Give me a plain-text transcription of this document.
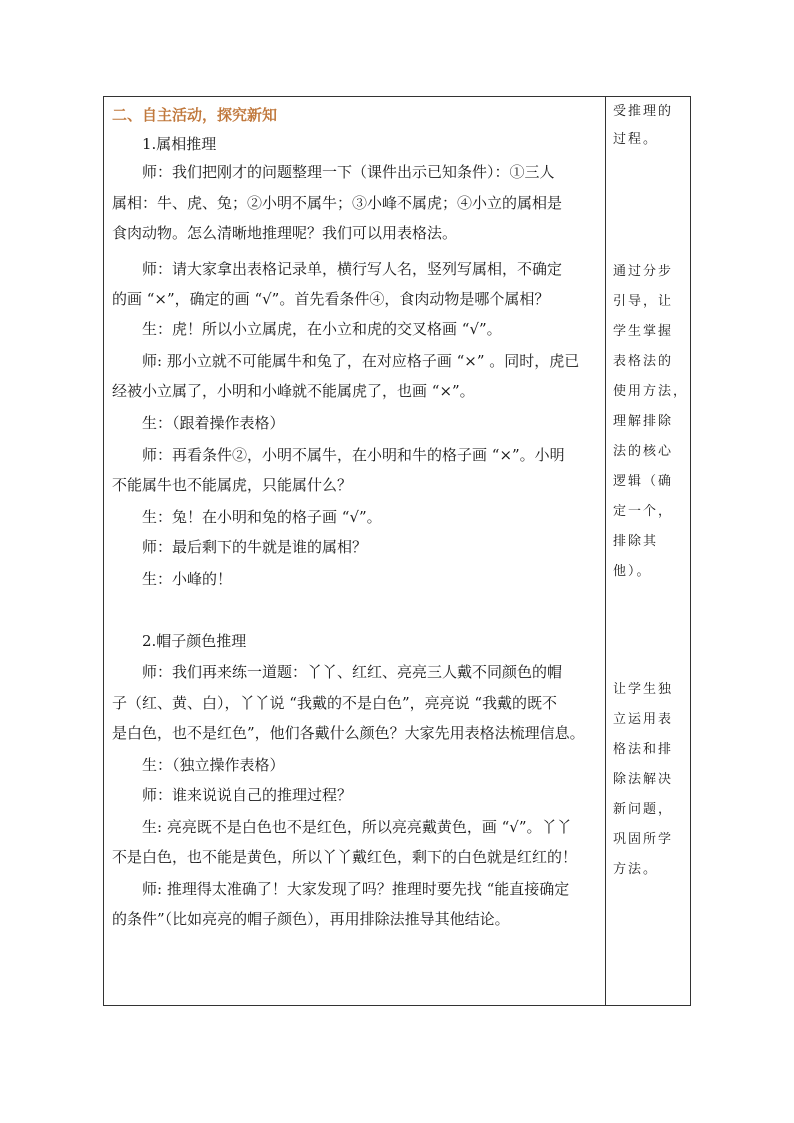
二、自主活动，探究新知
1.属相推理
师：我们把刚才的问题整理一下（课件出示已知条件）：①三人
属相：牛、虎、兔；②小明不属牛；③小峰不属虎；④小立的属相是
食肉动物。怎么清晰地推理呢？我们可以用表格法。
师：请大家拿出表格记录单，横行写人名，竖列写属相，不确定
的画 “×”，确定的画 “√”。首先看条件④，食肉动物是哪个属相？
生：虎！所以小立属虎，在小立和虎的交叉格画 “√”。
师: 那小立就不可能属牛和兔了，在对应格子画 “×” 。同时，虎已
经被小立属了，小明和小峰就不能属虎了，也画 “×”。
生：（跟着操作表格）
师：再看条件②，小明不属牛，在小明和牛的格子画 “×”。小明
不能属牛也不能属虎，只能属什么？
生：兔！在小明和兔的格子画 “√”。
师：最后剩下的牛就是谁的属相？
生：小峰的！
2.帽子颜色推理
师：我们再来练一道题：丫丫、红红、亮亮三人戴不同颜色的帽
子（红、黄、白），丫丫说 “我戴的不是白色”，亮亮说 “我戴的既不
是白色，也不是红色”，他们各戴什么颜色？大家先用表格法梳理信息。
生：（独立操作表格）
师：谁来说说自己的推理过程？
生: 亮亮既不是白色也不是红色，所以亮亮戴黄色，画 “√”。丫丫
不是白色，也不能是黄色，所以丫丫戴红色，剩下的白色就是红红的！
师: 推理得太准确了！大家发现了吗？推理时要先找 “能直接确定
的条件”（比如亮亮的帽子颜色），再用排除法推导其他结论。
受推理的
过程。
通过分步
引导，让
学生掌握
表格法的
使用方法，
理解排除
法的核心
逻辑（确
定一个，
排除其
他）。
让学生独
立运用表
格法和排
除法解决
新问题，
巩固所学
方法。
